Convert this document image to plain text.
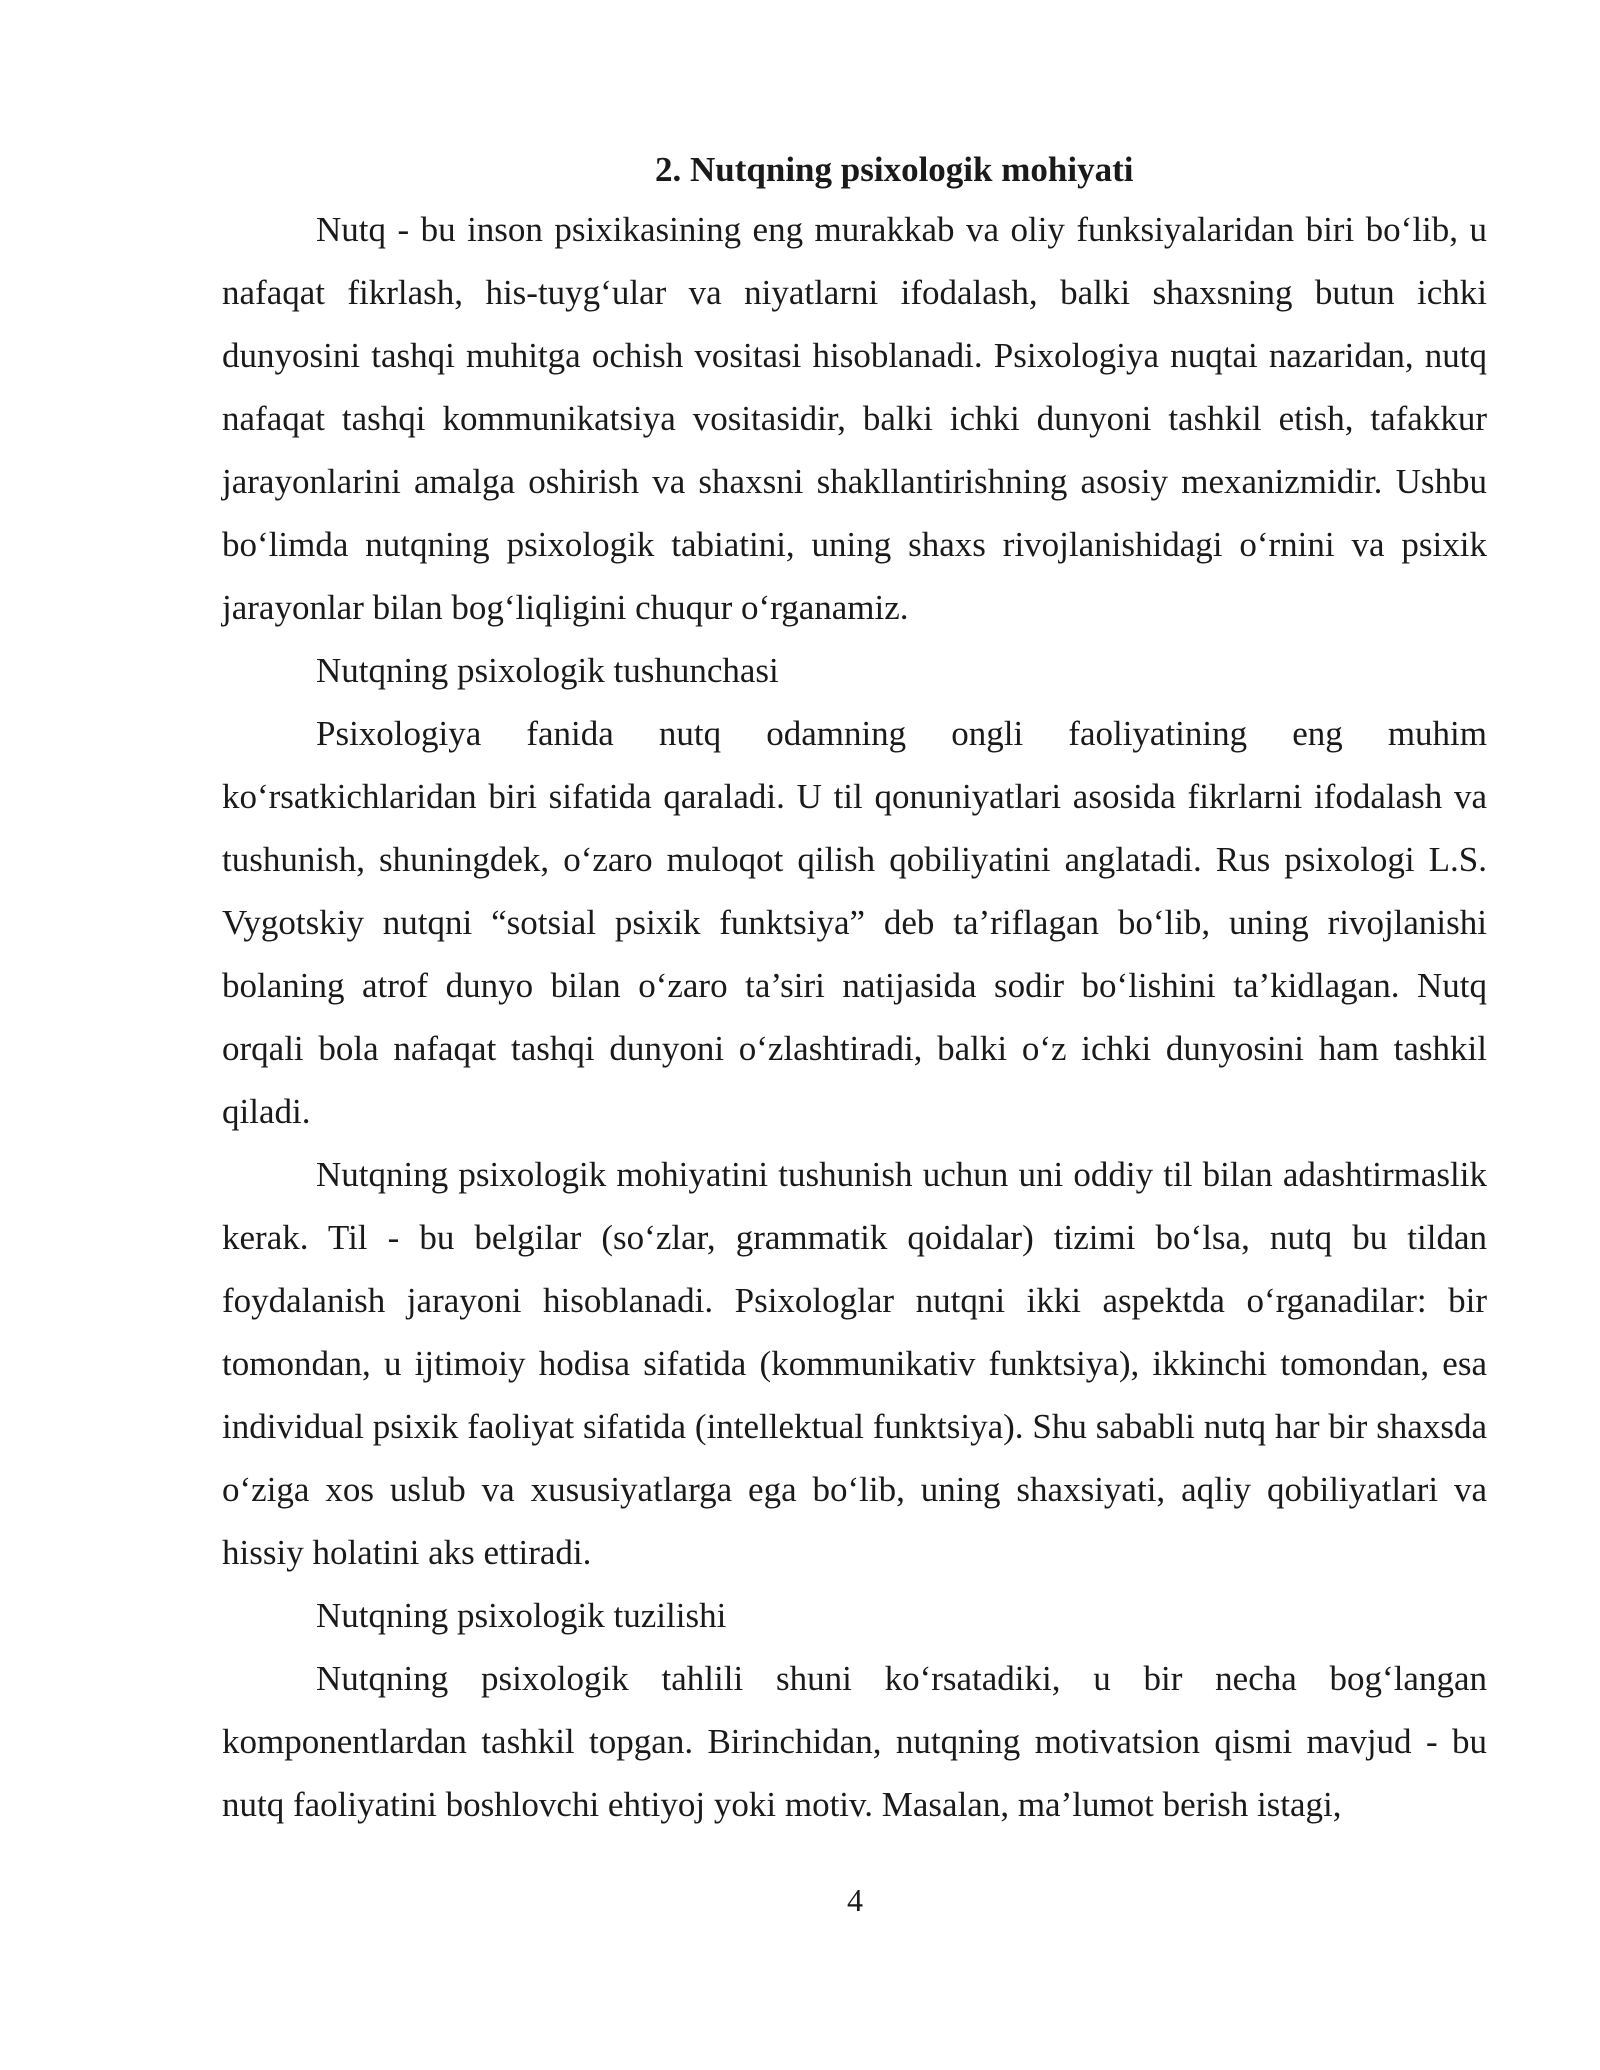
2. Nutqning psixologik mohiyati

Nutq - bu inson psixikasining eng murakkab va oliy funksiyalaridan biri bo‘lib, u nafaqat fikrlash, his-tuyg‘ular va niyatlarni ifodalash, balki shaxsning butun ichki dunyosini tashqi muhitga ochish vositasi hisoblanadi. Psixologiya nuqtai nazaridan, nutq nafaqat tashqi kommunikatsiya vositasidir, balki ichki dunyoni tashkil etish, tafakkur jarayonlarini amalga oshirish va shaxsni shakllantirishning asosiy mexanizmidir. Ushbu bo‘limda nutqning psixologik tabiatini, uning shaxs rivojlanishidagi o‘rnini va psixik jarayonlar bilan bog‘liqligini chuqur o‘rganamiz.

Nutqning psixologik tushunchasi

Psixologiya fanida nutq odamning ongli faoliyatining eng muhim ko‘rsatkichlaridan biri sifatida qaraladi. U til qonuniyatlari asosida fikrlarni ifodalash va tushunish, shuningdek, o‘zaro muloqot qilish qobiliyatini anglatadi. Rus psixologi L.S. Vygotskiy nutqni “sotsial psixik funktsiya” deb ta’riflagan bo‘lib, uning rivojlanishi bolaning atrof dunyo bilan o‘zaro ta’siri natijasida sodir bo‘lishini ta’kidlagan. Nutq orqali bola nafaqat tashqi dunyoni o‘zlashtiradi, balki o‘z ichki dunyosini ham tashkil qiladi.

Nutqning psixologik mohiyatini tushunish uchun uni oddiy til bilan adashtirmaslik kerak. Til - bu belgilar (so‘zlar, grammatik qoidalar) tizimi bo‘lsa, nutq bu tildan foydalanish jarayoni hisoblanadi. Psixologlar nutqni ikki aspektda o‘rganadilar: bir tomondan, u ijtimoiy hodisa sifatida (kommunikativ funktsiya), ikkinchi tomondan, esa individual psixik faoliyat sifatida (intellektual funktsiya). Shu sababli nutq har bir shaxsda o‘ziga xos uslub va xususiyatlarga ega bo‘lib, uning shaxsiyati, aqliy qobiliyatlari va hissiy holatini aks ettiradi.

Nutqning psixologik tuzilishi

Nutqning psixologik tahlili shuni ko‘rsatadiki, u bir necha bog‘langan komponentlardan tashkil topgan. Birinchidan, nutqning motivatsion qismi mavjud - bu nutq faoliyatini boshlovchi ehtiyoj yoki motiv. Masalan, ma’lumot berish istagi,

4
